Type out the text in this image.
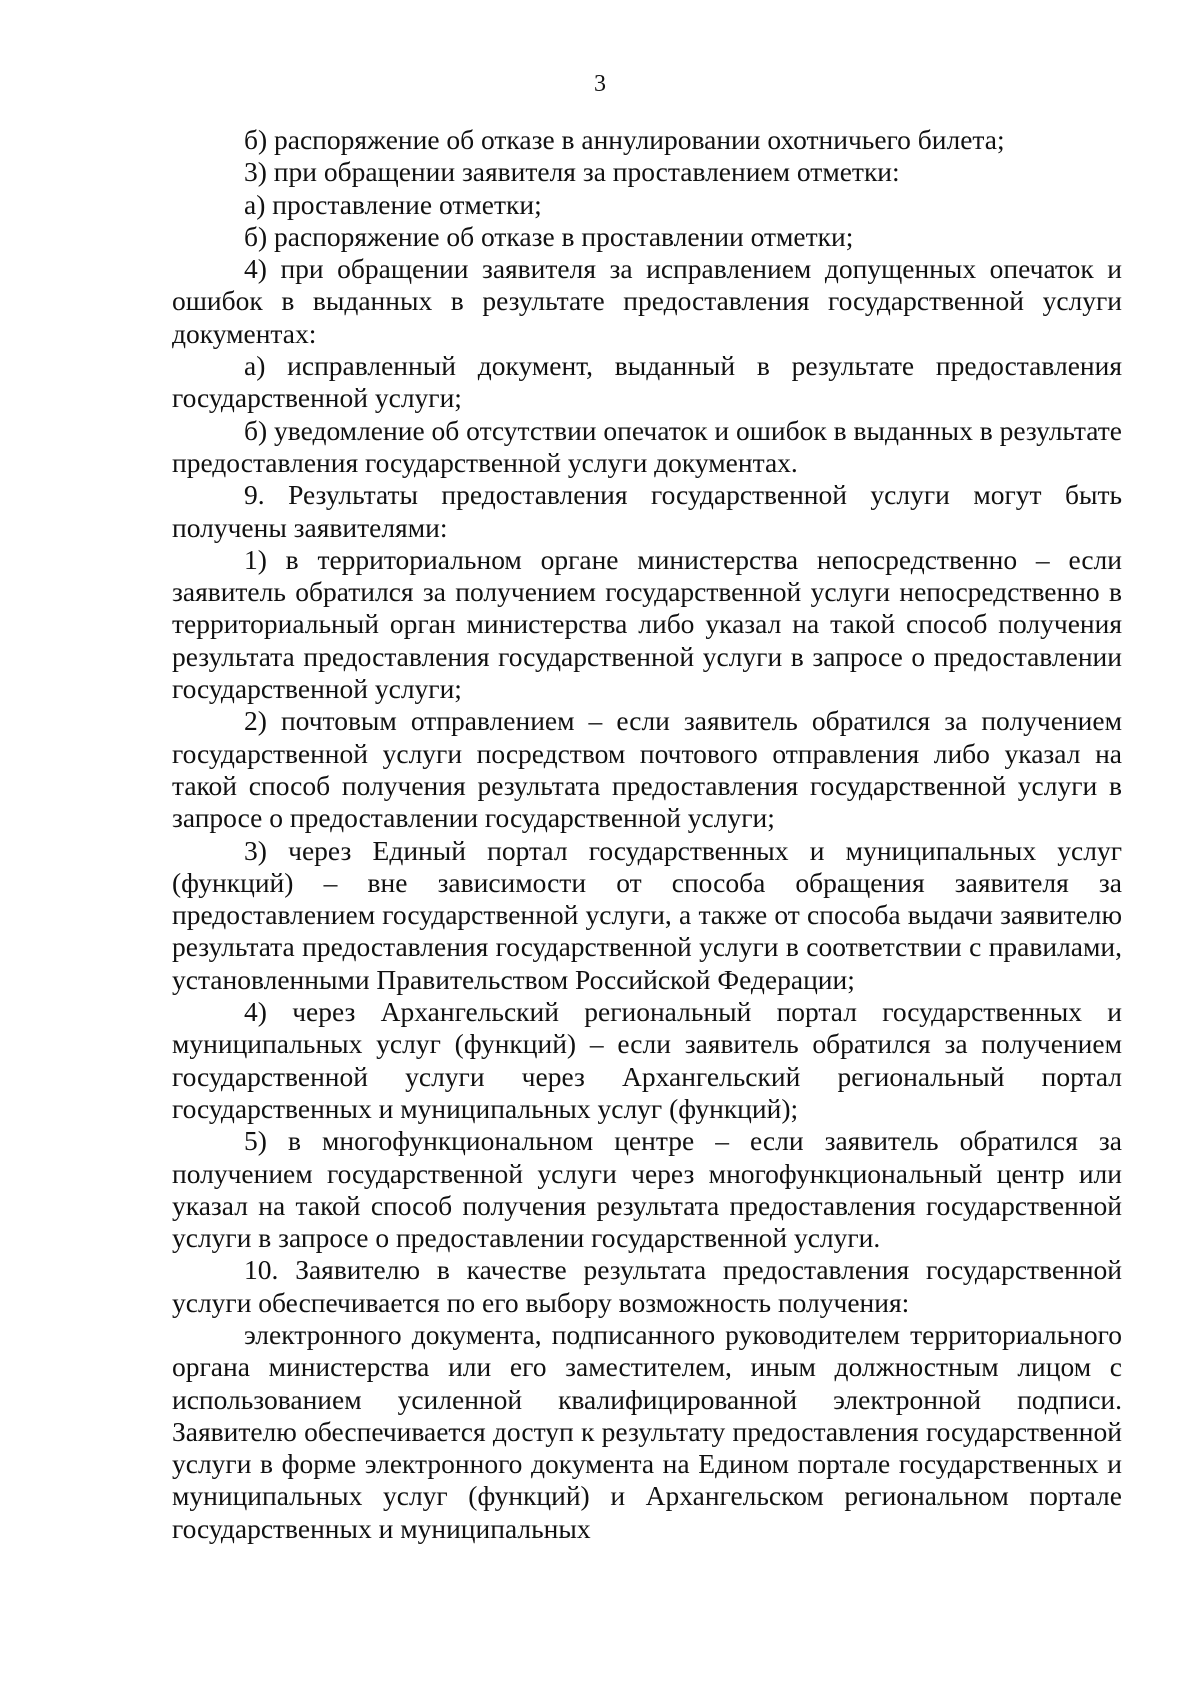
3

б) распоряжение об отказе в аннулировании охотничьего билета;

3) при обращении заявителя за проставлением отметки:

а) проставление отметки;

б) распоряжение об отказе в проставлении отметки;

4) при обращении заявителя за исправлением допущенных опечаток и ошибок в выданных в результате предоставления государственной услуги документах:

а) исправленный документ, выданный в результате предоставления государственной услуги;

б) уведомление об отсутствии опечаток и ошибок в выданных в результате предоставления государственной услуги документах.

9. Результаты предоставления государственной услуги могут быть получены заявителями:

1) в территориальном органе министерства непосредственно – если заявитель обратился за получением государственной услуги непосредственно в территориальный орган министерства либо указал на такой способ получения результата предоставления государственной услуги в запросе о предоставлении государственной услуги;

2) почтовым отправлением – если заявитель обратился за получением государственной услуги посредством почтового отправления либо указал на такой способ получения результата предоставления государственной услуги в запросе о предоставлении государственной услуги;

3) через Единый портал государственных и муниципальных услуг (функций) – вне зависимости от способа обращения заявителя за предоставлением государственной услуги, а также от способа выдачи заявителю результата предоставления государственной услуги в соответствии с правилами, установленными Правительством Российской Федерации;

4) через Архангельский региональный портал государственных и муниципальных услуг (функций) – если заявитель обратился за получением государственной услуги через Архангельский региональный портал государственных и муниципальных услуг (функций);

5) в многофункциональном центре – если заявитель обратился за получением государственной услуги через многофункциональный центр или указал на такой способ получения результата предоставления государственной услуги в запросе о предоставлении государственной услуги.

10. Заявителю в качестве результата предоставления государственной услуги обеспечивается по его выбору возможность получения:

электронного документа, подписанного руководителем территориального органа министерства или его заместителем, иным должностным лицом с использованием усиленной квалифицированной электронной подписи. Заявителю обеспечивается доступ к результату предоставления государственной услуги в форме электронного документа на Едином портале государственных и муниципальных услуг (функций) и Архангельском региональном портале государственных и муниципальных
